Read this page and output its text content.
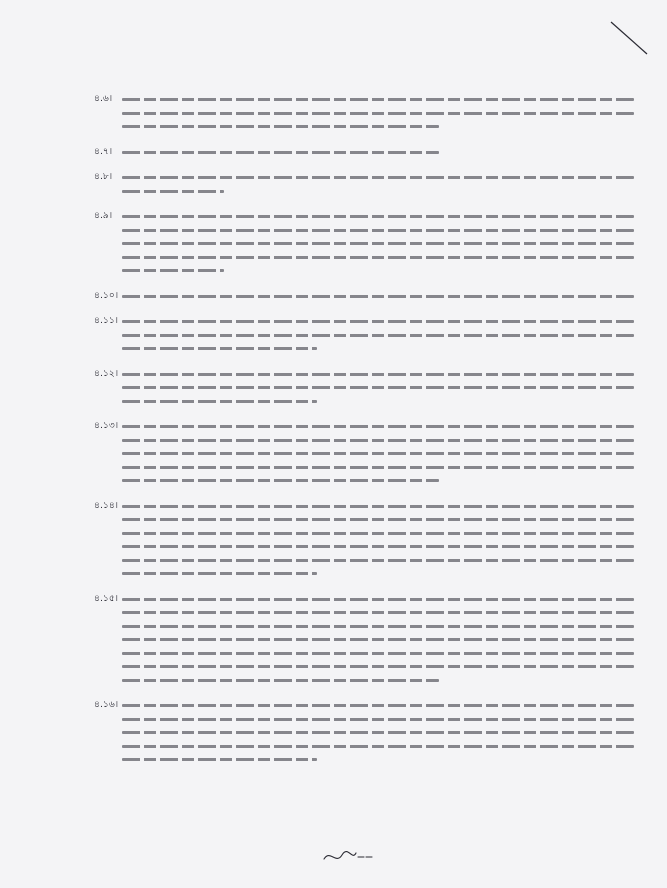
৪.৬।
৪.৭।
৪.৮।
৪.৯।
৪.১০।
৪.১১।
৪.১২।
৪.১৩।
৪.১৪।
৪.১৫।
৪.১৬।
